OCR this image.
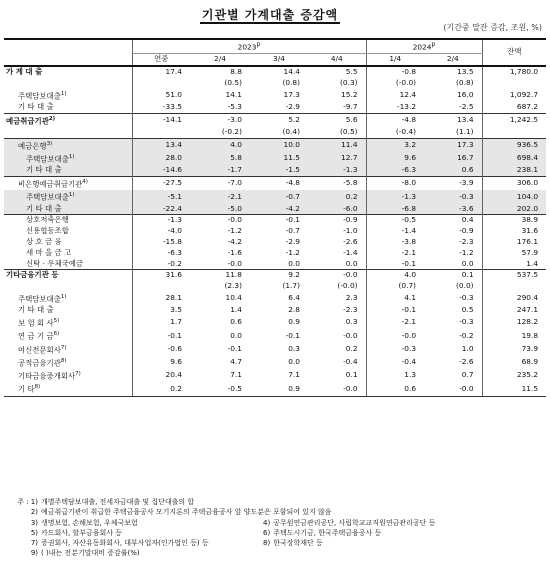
기관별 가계대출 증감액
(기간중 말잔 증감, 조원, %)
	2023$^p$				2024$^p$		잔액
	연중	2/4	3/4	4/4	1/4	2/4	
가 계 대 출	17.4	8.8	14.4	5.5	-0.8	13.5	1,780.0
		(0.5)	(0.8)	(0.3)	(-0.0)	(0.8)	
주택담보대출$^{1)}$	51.0	14.1	17.3	15.2	12.4	16.0	1,092.7
기 타 대 출	-33.5	-5.3	-2.9	-9.7	-13.2	-2.5	687.2
예금취급기관$^{2)}$	-14.1	-3.0	5.2	5.6	-4.8	13.4	1,242.5
		(-0.2)	(0.4)	(0.5)	(-0.4)	(1.1)	
예금은행$^{3)}$	13.4	4.0	10.0	11.4	3.2	17.3	936.5
주택담보대출$^{1)}$	28.0	5.8	11.5	12.7	9.6	16.7	698.4
기 타 대 출	-14.6	-1.7	-1.5	-1.3	-6.3	0.6	238.1
비은행예금취급기관$^{4)}$	-27.5	-7.0	-4.8	-5.8	-8.0	-3.9	306.0
주택담보대출$^{1)}$	-5.1	-2.1	-0.7	0.2	-1.3	-0.3	104.0
기 타 대 출	-22.4	-5.0	-4.2	-6.0	-6.8	-3.6	202.0
상호저축은행	-1.3	-0.0	-0.1	-0.9	-0.5	0.4	38.9
신용협동조합	-4.0	-1.2	-0.7	-1.0	-1.4	-0.9	31.6
상 호 금 융	-15.8	-4.2	-2.9	-2.6	-3.8	-2.3	176.1
새 마 을 금 고	-6.3	-1.6	-1.2	-1.4	-2.1	-1.2	57.9
신탁 · 우체국예금	-0.2	-0.0	0.0	0.0	-0.1	0.0	1.4
기타금융기관 등	31.6	11.8	9.2	-0.0	4.0	0.1	537.5
		(2.3)	(1.7)	(-0.0)	(0.7)	(0.0)	
주택담보대출$^{1)}$	28.1	10.4	6.4	2.3	4.1	-0.3	290.4
기 타 대 출	3.5	1.4	2.8	-2.3	-0.1	0.5	247.1
보 험 회 사$^{5)}$	1.7	0.6	0.9	0.3	-2.1	-0.3	128.2
연 금 기 금$^{6)}$	-0.1	0.0	-0.1	-0.0	-0.0	-0.2	19.8
여신전문회사$^{7)}$	-0.6	-0.1	0.3	0.2	-0.3	1.0	73.9
공적금융기관$^{8)}$	9.6	4.7	0.0	-0.4	-0.4	-2.6	68.9
기타금융중개회사$^{7)}$	20.4	7.1	7.1	0.1	1.3	0.7	235.2
기 타$^{8)}$	0.2	-0.5	0.9	-0.0	0.6	-0.0	11.5
주 : 1) 개별주택담보대출, 전세자금대출 및 집단대출의 합
2) 예금취급기관이 취급한 주택금융공사 모기지론의 주택금융공사 앞 양도분은 포함되어 있지 않음
3) 생명보험, 손해보험, 우체국보험	4) 공무원연금관리공단, 사립학교교직원연금관리공단 등
5) 카드회사, 할부금융회사 등	6) 주택도시기금, 한국주택금융공사 등
7) 증권회사, 자산유동화회사, 대부사업자(인가법인 등) 등	8) 한국장학재단 등
9) ( )내는 전분기말대비 증감률(%)
